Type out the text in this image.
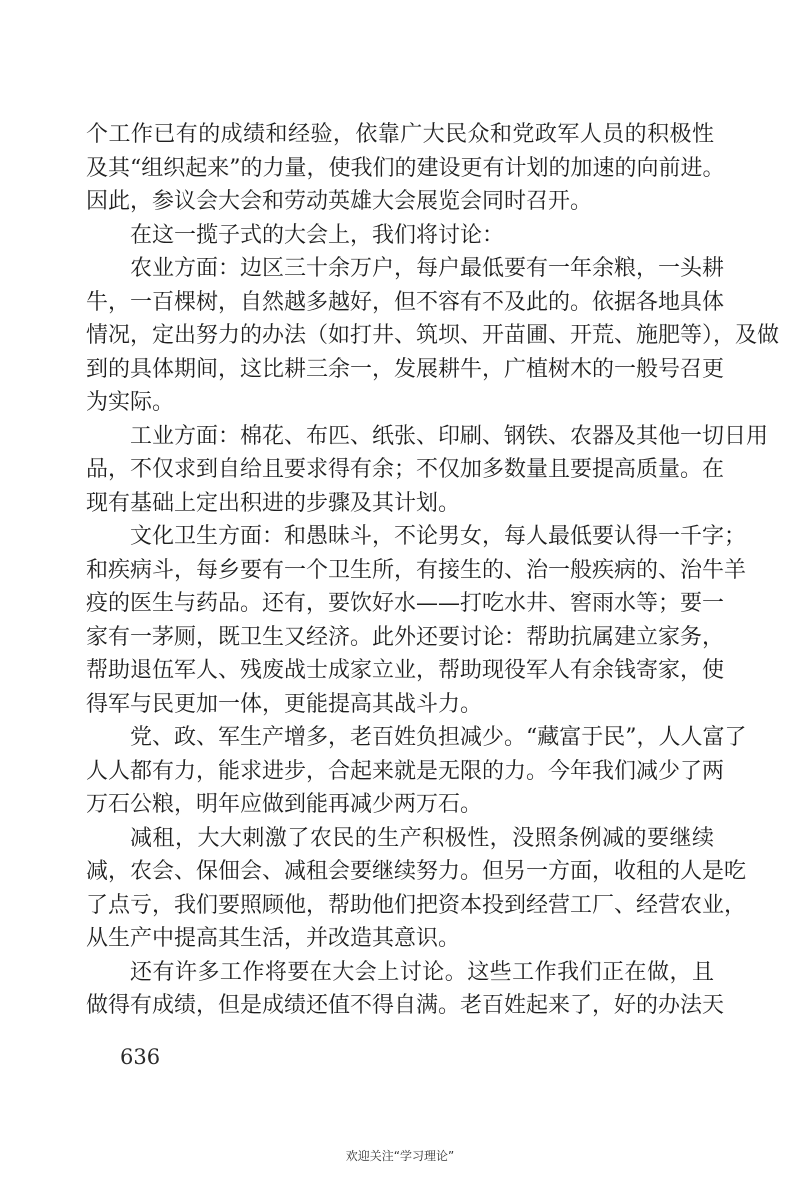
个工作已有的成绩和经验，依靠广大民众和党政军人员的积极性
及其“组织起来”的力量，使我们的建设更有计划的加速的向前进。
因此，参议会大会和劳动英雄大会展览会同时召开。
在这一揽子式的大会上，我们将讨论：
农业方面：边区三十余万户，每户最低要有一年余粮，一头耕
牛，一百棵树，自然越多越好，但不容有不及此的。依据各地具体
情况，定出努力的办法（如打井、筑坝、开苗圃、开荒、施肥等），及做
到的具体期间，这比耕三余一，发展耕牛，广植树木的一般号召更
为实际。
工业方面：棉花、布匹、纸张、印刷、钢铁、农器及其他一切日用
品，不仅求到自给且要求得有余；不仅加多数量且要提高质量。在
现有基础上定出积进的步骤及其计划。
文化卫生方面：和愚昧斗，不论男女，每人最低要认得一千字；
和疾病斗，每乡要有一个卫生所，有接生的、治一般疾病的、治牛羊
疫的医生与药品。还有，要饮好水——打吃水井、窖雨水等；要一
家有一茅厕，既卫生又经济。此外还要讨论：帮助抗属建立家务，
帮助退伍军人、残废战士成家立业，帮助现役军人有余钱寄家，使
得军与民更加一体，更能提高其战斗力。
党、政、军生产增多，老百姓负担减少。“藏富于民”，人人富了
人人都有力，能求进步，合起来就是无限的力。今年我们减少了两
万石公粮，明年应做到能再减少两万石。
减租，大大刺激了农民的生产积极性，没照条例减的要继续
减，农会、保佃会、减租会要继续努力。但另一方面，收租的人是吃
了点亏，我们要照顾他，帮助他们把资本投到经营工厂、经营农业，
从生产中提高其生活，并改造其意识。
还有许多工作将要在大会上讨论。这些工作我们正在做，且
做得有成绩，但是成绩还值不得自满。老百姓起来了，好的办法天
636
欢迎关注“学习理论”
